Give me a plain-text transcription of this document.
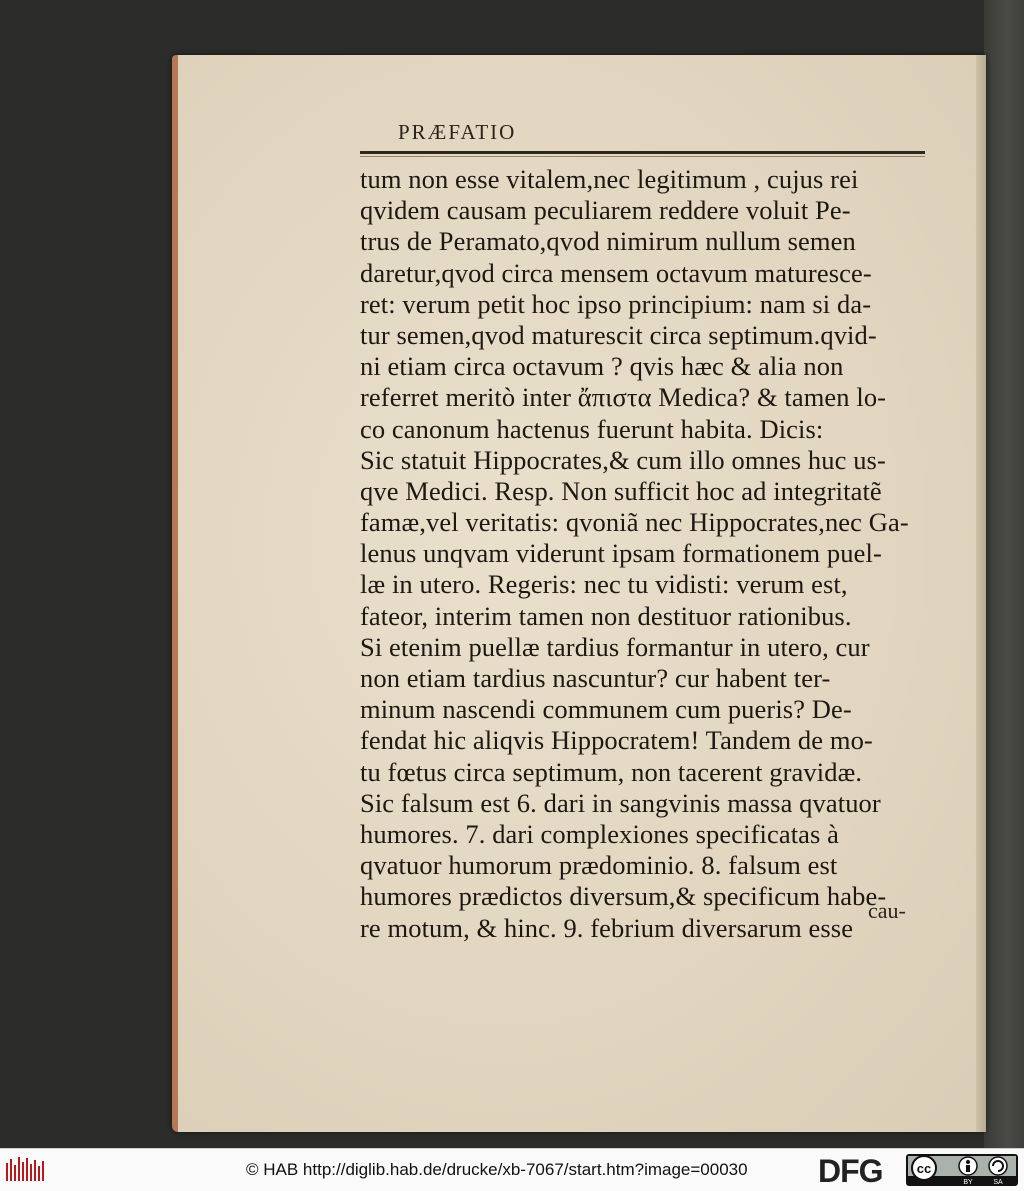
PRÆFATIO
tum non esse vitalem,nec legitimum , cujus rei
qvidem causam peculiarem reddere voluit Pe-
trus de Peramato,qvod nimirum nullum semen
daretur,qvod circa mensem octavum maturesce-
ret: verum petit hoc ipso principium: nam si da-
tur semen,qvod maturescit circa septimum.qvid-
ni etiam circa octavum ? qvis hæc & alia non
referret meritò inter ἄπιστα Medica? & tamen lo-
co canonum hactenus fuerunt habita. Dicis:
Sic statuit Hippocrates,& cum illo omnes huc us-
qve Medici. Resp. Non sufficit hoc ad integritatẽ
famæ,vel veritatis: qvoniã nec Hippocrates,nec Ga-
lenus unqvam viderunt ipsam formationem puel-
læ in utero. Regeris: nec tu vidisti: verum est,
fateor, interim tamen non destituor rationibus.
Si etenim puellæ tardius formantur in utero, cur
non etiam tardius nascuntur? cur habent ter-
minum nascendi communem cum pueris? De-
fendat hic aliqvis Hippocratem! Tandem de mo-
tu fœtus circa septimum, non tacerent gravidæ.
Sic falsum est 6. dari in sangvinis massa qvatuor
humores. 7. dari complexiones specificatas à
qvatuor humorum prædominio. 8. falsum est
humores prædictos diversum,& specificum habe-
re motum, & hinc. 9. febrium diversarum esse
cau-
© HAB http://diglib.hab.de/drucke/xb-7067/start.htm?image=00030 DFG	cc
BY	SA
